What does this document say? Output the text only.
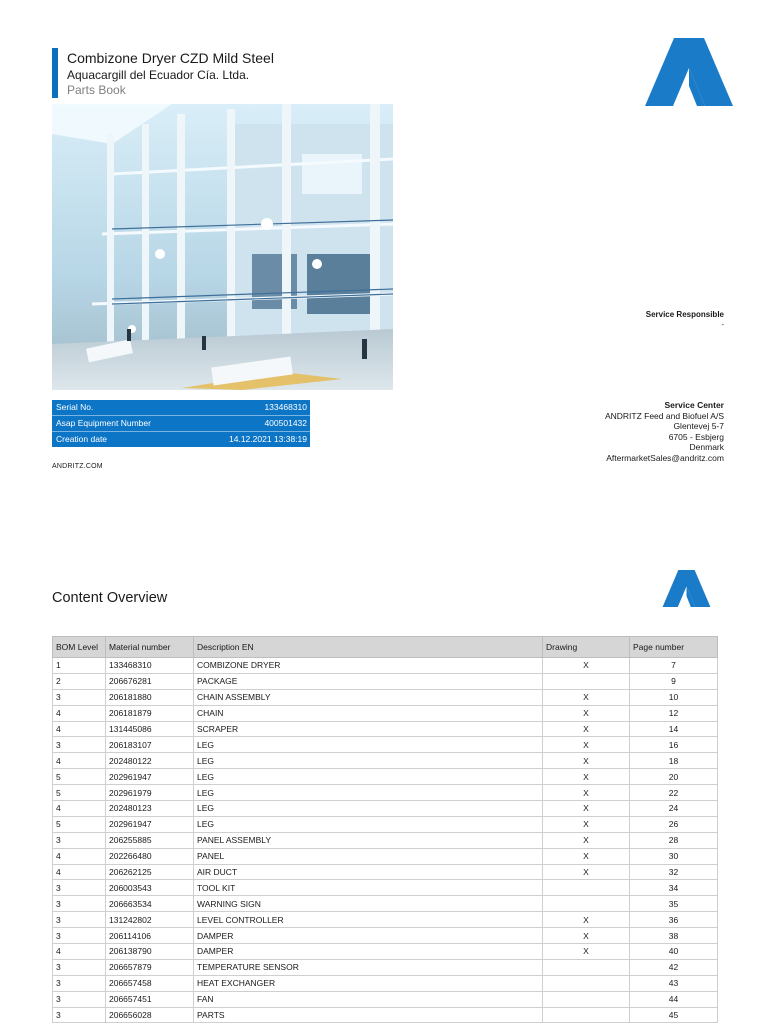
Combizone Dryer CZD Mild Steel
Aquacargill del Ecuador Cía. Ltda.
Parts Book
Serial No.	133468310
Asap Equipment Number	400501432
Creation date	14.12.2021 13:38:19
ANDRITZ.COM
Service Responsible
-
Service Center
ANDRITZ Feed and Biofuel A/S
Glentevej 5-7
6705 - Esbjerg
Denmark
AftermarketSales@andritz.com
Content Overview
BOM Level	Material number	Description EN	Drawing	Page number
1	133468310	COMBIZONE DRYER	X	7
2	206676281	PACKAGE		9
3	206181880	CHAIN ASSEMBLY	X	10
4	206181879	CHAIN	X	12
4	131445086	SCRAPER	X	14
3	206183107	LEG	X	16
4	202480122	LEG	X	18
5	202961947	LEG	X	20
5	202961979	LEG	X	22
4	202480123	LEG	X	24
5	202961947	LEG	X	26
3	206255885	PANEL ASSEMBLY	X	28
4	202266480	PANEL	X	30
4	206262125	AIR DUCT	X	32
3	206003543	TOOL KIT		34
3	206663534	WARNING SIGN		35
3	131242802	LEVEL CONTROLLER	X	36
3	206114106	DAMPER	X	38
4	206138790	DAMPER	X	40
3	206657879	TEMPERATURE SENSOR		42
3	206657458	HEAT EXCHANGER		43
3	206657451	FAN		44
3	206656028	PARTS		45
